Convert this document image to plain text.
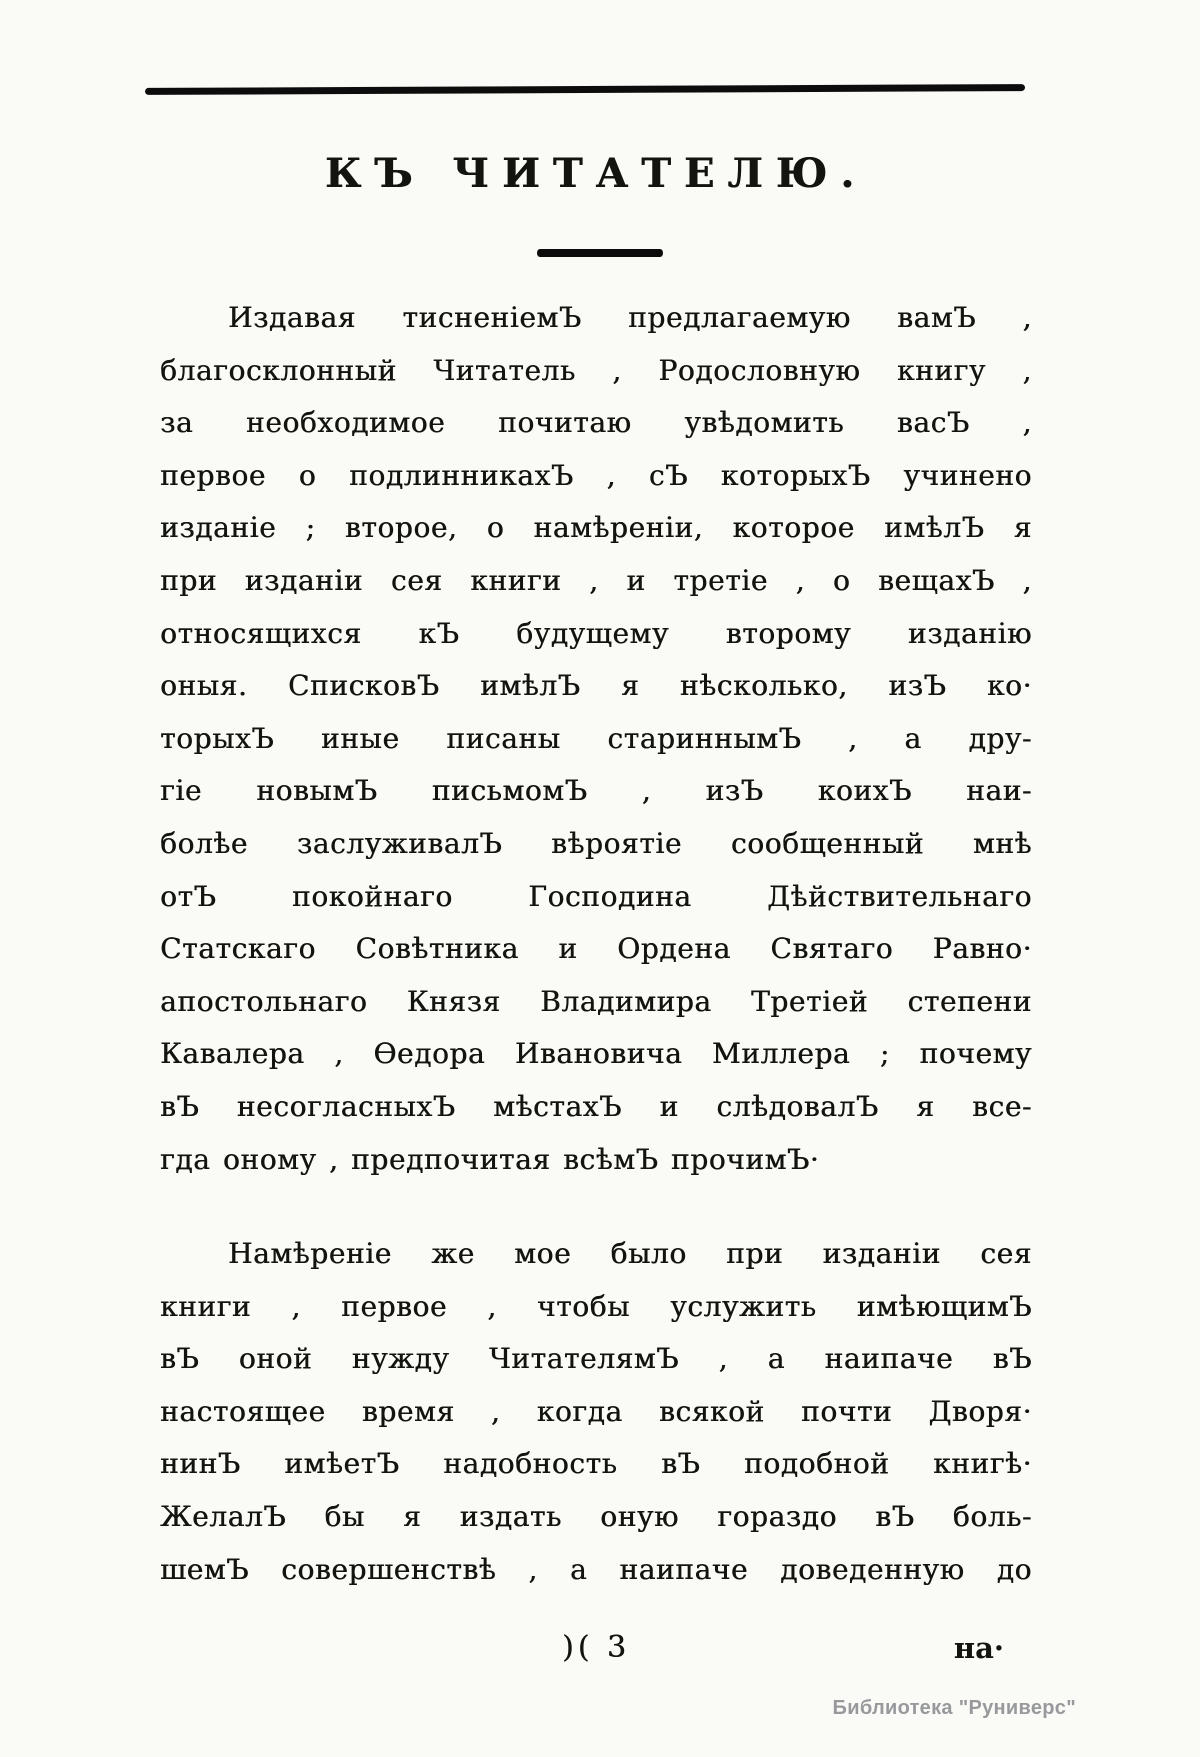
КЪ ЧИТАТЕЛЮ.
Издавая тисненіемЪ предлагаемую вамЪ ,
благосклонный Читатель , Родословную книгу ,
за необходимое почитаю увѣдомить васЪ ,
первое о подлинникахЪ , сЪ которыхЪ учинено
изданіе ; второе, о намѣреніи, которое имѣлЪ я
при изданіи сея книги , и третіе , о вещахЪ ,
относящихся кЪ будущему второму изданію
оныя. СписковЪ имѣлЪ я нѣсколько, изЪ ко·
торыхЪ иные писаны стариннымЪ , а дру-
гіе новымЪ письмомЪ , изЪ коихЪ наи-
болѣе заслуживалЪ вѣроятіе сообщенный мнѣ
отЪ покойнаго Господина Дѣйствительнаго
Статскаго Совѣтника и Ордена Святаго Равно·
апостольнаго Князя Владимира Третіей степени
Кавалера , Ѳедора Ивановича Миллера ; почему
вЪ несогласныхЪ мѣстахЪ и слѣдовалЪ я все-
гда оному , предпочитая всѣмЪ прочимЪ·
Намѣреніе же мое было при изданіи сея
книги , первое , чтобы услужить имѣющимЪ
вЪ оной нужду ЧитателямЪ , а наипаче вЪ
настоящее время , когда всякой почти Дворя·
нинЪ имѣетЪ надобность вЪ подобной книгѣ·
ЖелалЪ бы я издать оную гораздо вЪ боль-
шемЪ совершенствѣ , а наипаче доведенную до
)( 3	на·
Библиотека "Руниверс"
